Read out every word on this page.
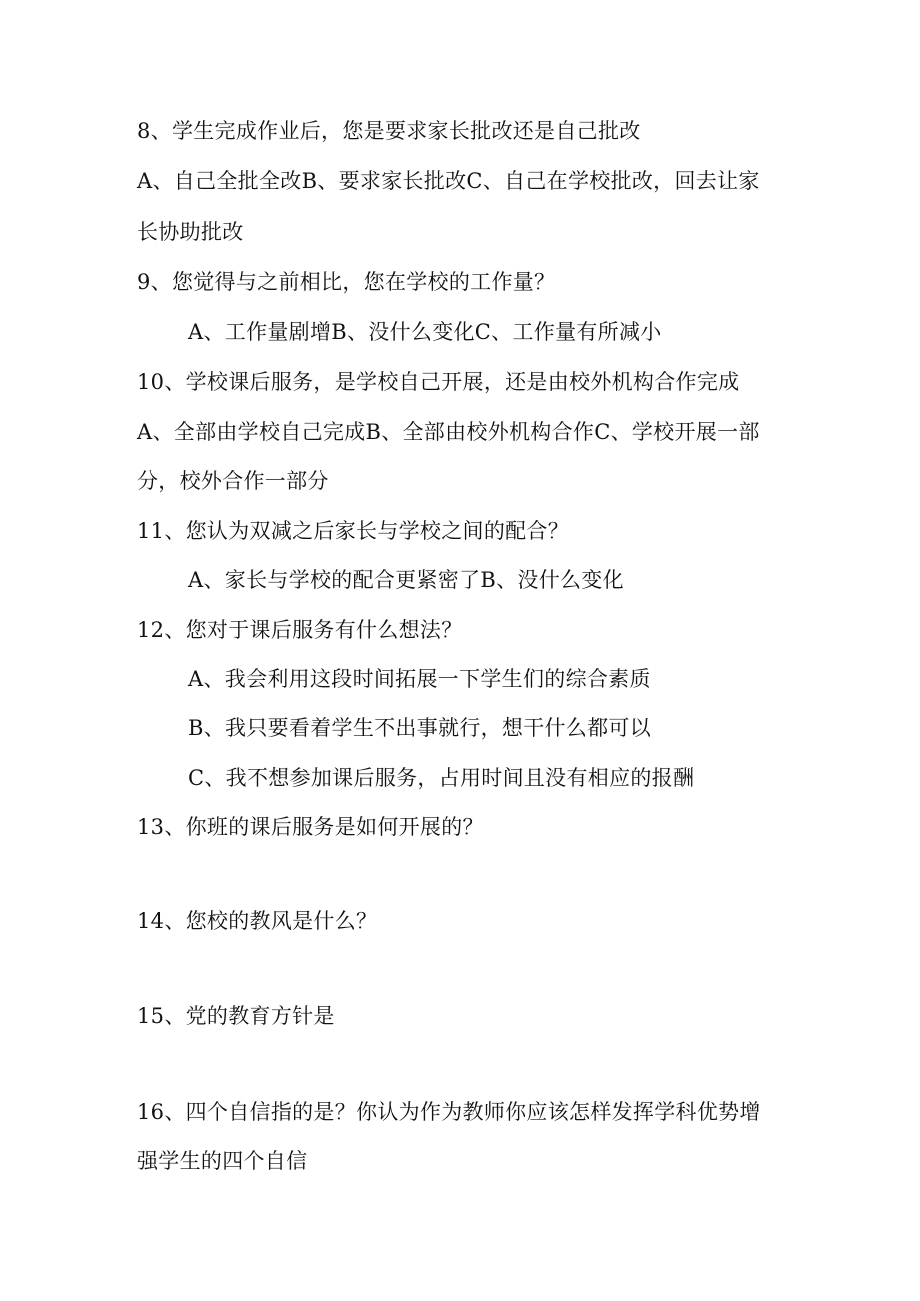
8、学生完成作业后，您是要求家长批改还是自己批改
A、自己全批全改B、要求家长批改C、自己在学校批改，回去让家
长协助批改
9、您觉得与之前相比，您在学校的工作量？
A、工作量剧增B、没什么变化C、工作量有所减小
10、学校课后服务，是学校自己开展，还是由校外机构合作完成
A、全部由学校自己完成B、全部由校外机构合作C、学校开展一部
分，校外合作一部分
11、您认为双减之后家长与学校之间的配合？
A、家长与学校的配合更紧密了B、没什么变化
12、您对于课后服务有什么想法？
A、我会利用这段时间拓展一下学生们的综合素质
B、我只要看着学生不出事就行，想干什么都可以
C、我不想参加课后服务，占用时间且没有相应的报酬
13、你班的课后服务是如何开展的？
14、您校的教风是什么？
15、党的教育方针是
16、四个自信指的是？你认为作为教师你应该怎样发挥学科优势增
强学生的四个自信
